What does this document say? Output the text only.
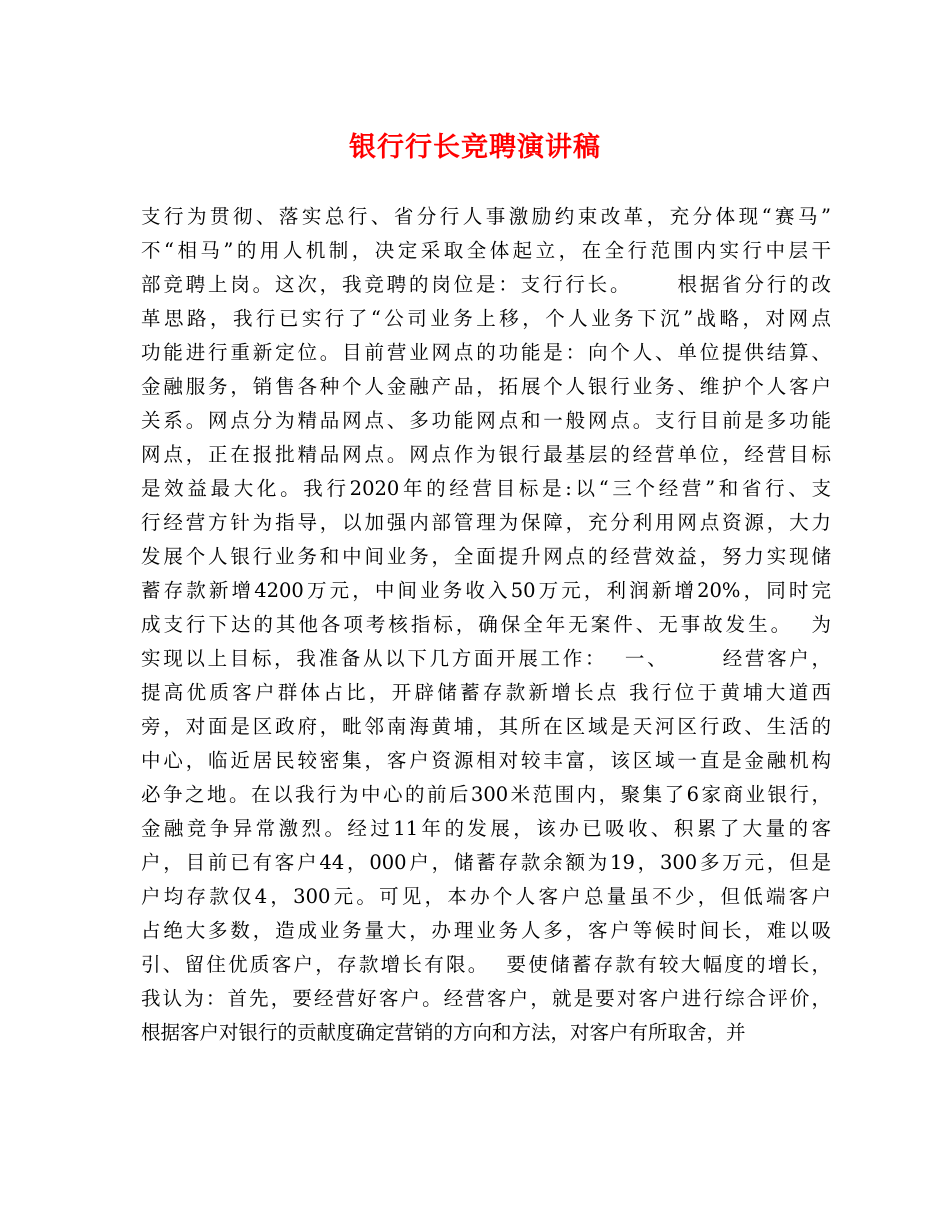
银行行长竞聘演讲稿
支行为贯彻、落实总行、省分行人事激励约束改革，充分体现“赛马”
不“相马”的用人机制，决定采取全体起立，在全行范围内实行中层干
部竞聘上岗。这次，我竞聘的岗位是：支行行长。     根据省分行的改
革思路，我行已实行了“公司业务上移，个人业务下沉”战略，对网点
功能进行重新定位。目前营业网点的功能是：向个人、单位提供结算、
金融服务，销售各种个人金融产品，拓展个人银行业务、维护个人客户
关系。网点分为精品网点、多功能网点和一般网点。支行目前是多功能
网点，正在报批精品网点。网点作为银行最基层的经营单位，经营目标
是效益最大化。我行2020年的经营目标是:以“三个经营”和省行、支
行经营方针为指导，以加强内部管理为保障，充分利用网点资源，大力
发展个人银行业务和中间业务，全面提升网点的经营效益，努力实现储
蓄存款新增4200万元，中间业务收入50万元，利润新增20%，同时完
成支行下达的其他各项考核指标，确保全年无案件、无事故发生。  为
实现以上目标，我准备从以下几方面开展工作：  一、      经营客户，
提高优质客户群体占比，开辟储蓄存款新增长点 我行位于黄埔大道西
旁，对面是区政府，毗邻南海黄埔，其所在区域是天河区行政、生活的
中心，临近居民较密集，客户资源相对较丰富，该区域一直是金融机构
必争之地。在以我行为中心的前后300米范围内，聚集了6家商业银行，
金融竞争异常激烈。经过11年的发展，该办已吸收、积累了大量的客
户，目前已有客户44，000户，储蓄存款余额为19，300多万元，但是
户均存款仅4，300元。可见，本办个人客户总量虽不少，但低端客户
占绝大多数，造成业务量大，办理业务人多，客户等候时间长，难以吸
引、留住优质客户，存款增长有限。  要使储蓄存款有较大幅度的增长，
我认为：首先，要经营好客户。经营客户，就是要对客户进行综合评价，
根据客户对银行的贡献度确定营销的方向和方法，对客户有所取舍，并
